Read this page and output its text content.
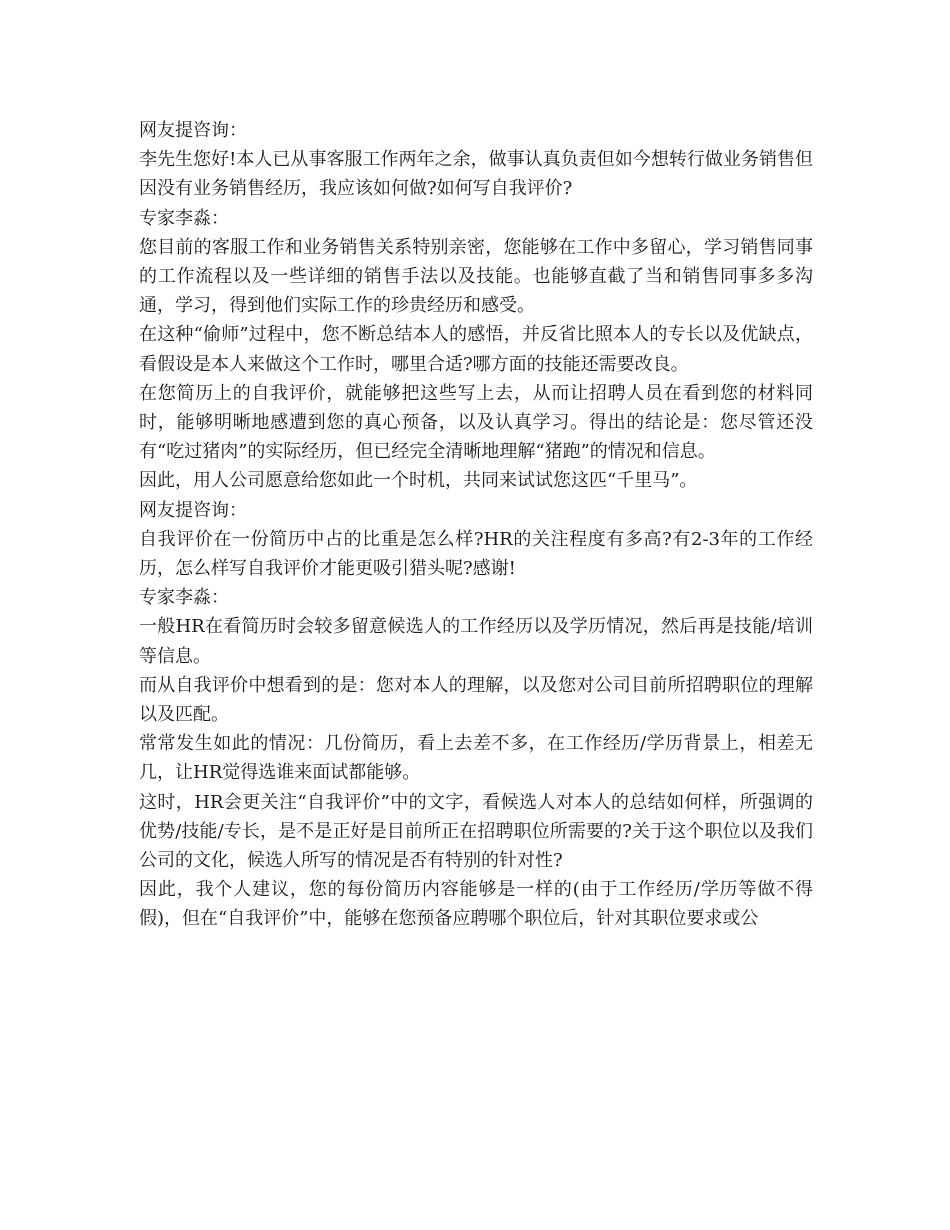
网友提咨询：

李先生您好!本人已从事客服工作两年之余，做事认真负责但如今想转行做业务销售但因没有业务销售经历，我应该如何做?如何写自我评价?

专家李淼：

您目前的客服工作和业务销售关系特别亲密，您能够在工作中多留心，学习销售同事的工作流程以及一些详细的销售手法以及技能。也能够直截了当和销售同事多多沟通，学习，得到他们实际工作的珍贵经历和感受。

在这种“偷师”过程中，您不断总结本人的感悟，并反省比照本人的专长以及优缺点，看假设是本人来做这个工作时，哪里合适?哪方面的技能还需要改良。

在您简历上的自我评价，就能够把这些写上去，从而让招聘人员在看到您的材料同时，能够明晰地感遭到您的真心预备，以及认真学习。得出的结论是：您尽管还没有“吃过猪肉”的实际经历，但已经完全清晰地理解“猪跑”的情况和信息。

因此，用人公司愿意给您如此一个时机，共同来试试您这匹“千里马”。

网友提咨询：

自我评价在一份简历中占的比重是怎么样?HR的关注程度有多高?有2-3年的工作经历，怎么样写自我评价才能更吸引猎头呢?感谢!

专家李淼：

一般HR在看简历时会较多留意候选人的工作经历以及学历情况，然后再是技能/培训等信息。

而从自我评价中想看到的是：您对本人的理解，以及您对公司目前所招聘职位的理解以及匹配。

常常发生如此的情况：几份简历，看上去差不多，在工作经历/学历背景上，相差无几，让HR觉得选谁来面试都能够。

这时，HR会更关注“自我评价”中的文字，看候选人对本人的总结如何样，所强调的优势/技能/专长，是不是正好是目前所正在招聘职位所需要的?关于这个职位以及我们公司的文化，候选人所写的情况是否有特别的针对性?

因此，我个人建议，您的每份简历内容能够是一样的(由于工作经历/学历等做不得假)，但在“自我评价”中，能够在您预备应聘哪个职位后，针对其职位要求或公
